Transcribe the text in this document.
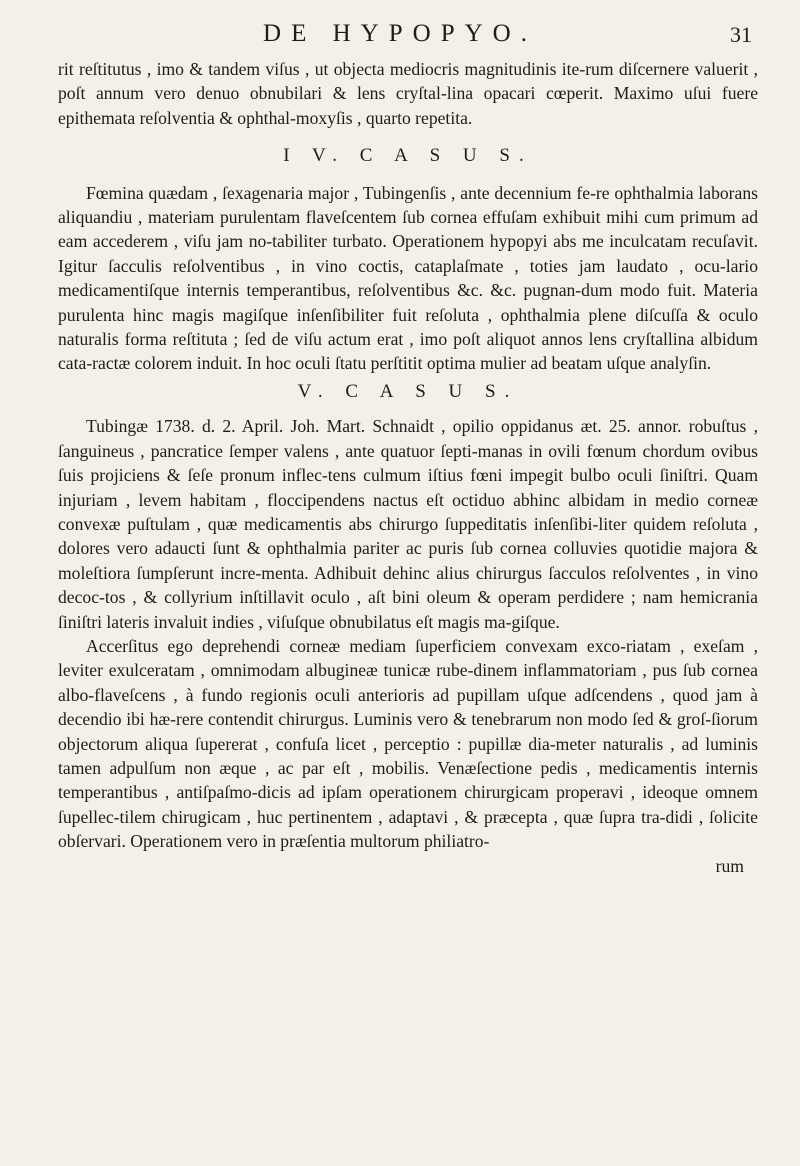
DE HYPOPYO.	31

rit reſtitutus , imo & tandem viſus , ut objecta mediocris magnitudinis ite-rum diſcernere valuerit , poſt annum vero denuo obnubilari & lens cryſtal-lina opacari cœperit. Maximo uſui fuere epithemata reſolventia & ophthal-moxyſis , quarto repetita.

I V. C A S U S.

Fœmina quædam , ſexagenaria major , Tubingenſis , ante decennium fe-re ophthalmia laborans aliquandiu , materiam purulentam flaveſcentem ſub cornea effuſam exhibuit mihi cum primum ad eam accederem , viſu jam no-tabiliter turbato. Operationem hypopyi abs me inculcatam recuſavit. Igitur ſacculis reſolventibus , in vino coctis, cataplaſmate , toties jam laudato , ocu-lario medicamentiſque internis temperantibus, reſolventibus &c. &c. pugnan-dum modo fuit. Materia purulenta hinc magis magiſque inſenſibiliter fuit reſoluta , ophthalmia plene diſcuſſa & oculo naturalis forma reſtituta ; ſed de viſu actum erat , imo poſt aliquot annos lens cryſtallina albidum cata-ractæ colorem induit. In hoc oculi ſtatu perſtitit optima mulier ad beatam uſque analyſin.

V. C A S U S.

Tubingæ 1738. d. 2. April. Joh. Mart. Schnaidt , opilio oppidanus æt. 25. annor. robuſtus , ſanguineus , pancratice ſemper valens , ante quatuor ſepti-manas in ovili fœnum chordum ovibus ſuis projiciens & ſeſe pronum inflec-tens culmum iſtius fœni impegit bulbo oculi ſiniſtri. Quam injuriam , levem habitam , floccipendens nactus eſt octiduo abhinc albidam in medio corneæ convexæ puſtulam , quæ medicamentis abs chirurgo ſuppeditatis inſenſibi-liter quidem reſoluta , dolores vero adaucti ſunt & ophthalmia pariter ac puris ſub cornea colluvies quotidie majora & moleſtiora ſumpſerunt incre-menta. Adhibuit dehinc alius chirurgus ſacculos reſolventes , in vino decoc-tos , & collyrium inſtillavit oculo , aſt bini oleum & operam perdidere ; nam hemicrania ſiniſtri lateris invaluit indies , viſuſque obnubilatus eſt magis ma-giſque.

Accerſitus ego deprehendi corneæ mediam ſuperficiem convexam exco-riatam , exeſam , leviter exulceratam , omnimodam albugineæ tunicæ rube-dinem inflammatoriam , pus ſub cornea albo-flaveſcens , à fundo regionis oculi anterioris ad pupillam uſque adſcendens , quod jam à decendio ibi hæ-rere contendit chirurgus. Luminis vero & tenebrarum non modo ſed & groſ-ſiorum objectorum aliqua ſupererat , confuſa licet , perceptio : pupillæ dia-meter naturalis , ad luminis tamen adpulſum non æque , ac par eſt , mobilis. Venæſectione pedis , medicamentis internis temperantibus , antiſpaſmo-dicis ad ipſam operationem chirurgicam properavi , ideoque omnem ſupellec-tilem chirugicam , huc pertinentem , adaptavi , & præcepta , quæ ſupra tra-didi , ſolicite obſervari. Operationem vero in præſentia multorum philiatro-

rum
